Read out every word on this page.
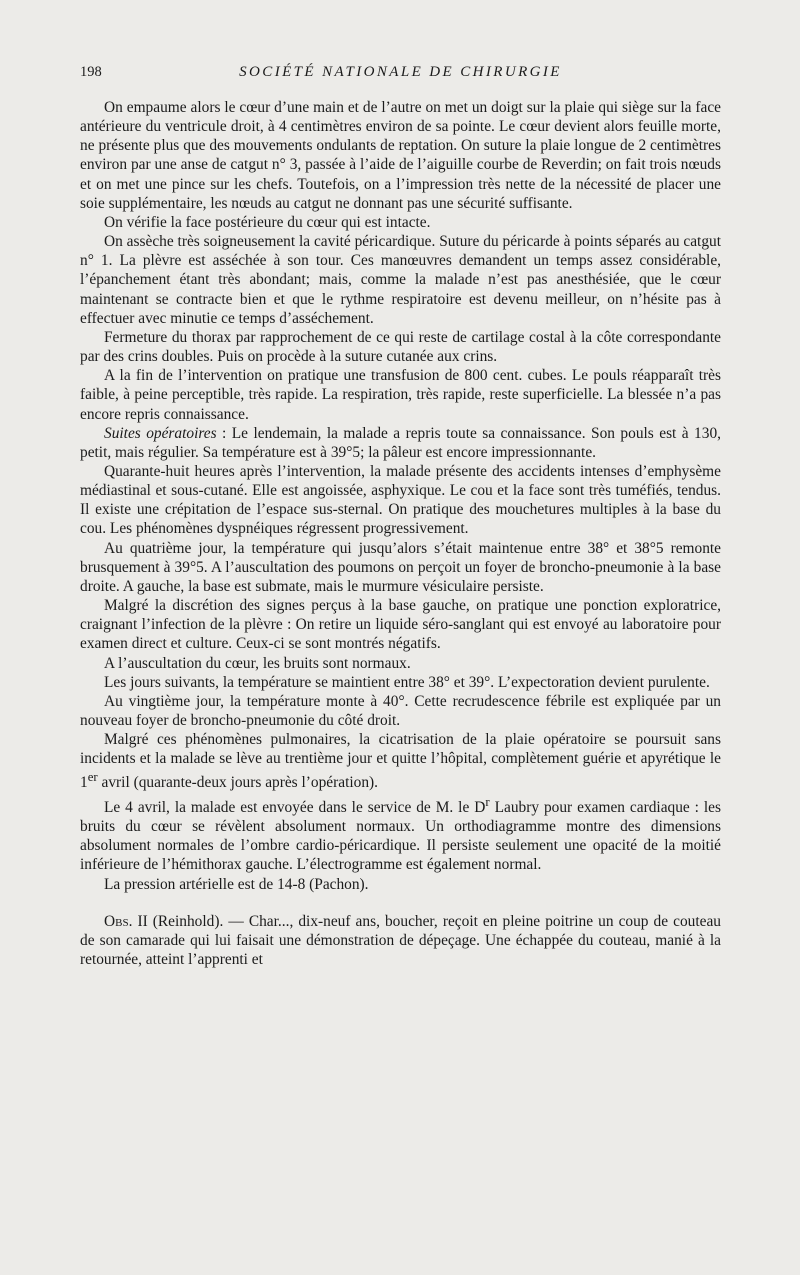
198	SOCIÉTÉ NATIONALE DE CHIRURGIE

On empaume alors le cœur d’une main et de l’autre on met un doigt sur la plaie qui siège sur la face antérieure du ventricule droit, à 4 centimètres environ de sa pointe. Le cœur devient alors feuille morte, ne présente plus que des mouvements ondulants de reptation. On suture la plaie longue de 2 centimètres environ par une anse de catgut n° 3, passée à l’aide de l’aiguille courbe de Reverdin; on fait trois nœuds et on met une pince sur les chefs. Toutefois, on a l’impression très nette de la nécessité de placer une soie supplémentaire, les nœuds au catgut ne donnant pas une sécurité suffisante.

On vérifie la face postérieure du cœur qui est intacte.

On assèche très soigneusement la cavité péricardique. Suture du péricarde à points séparés au catgut n° 1. La plèvre est asséchée à son tour. Ces manœuvres demandent un temps assez considérable, l’épanchement étant très abondant; mais, comme la malade n’est pas anesthésiée, que le cœur maintenant se contracte bien et que le rythme respiratoire est devenu meilleur, on n’hésite pas à effectuer avec minutie ce temps d’asséchement.

Fermeture du thorax par rapprochement de ce qui reste de cartilage costal à la côte correspondante par des crins doubles. Puis on procède à la suture cutanée aux crins.

A la fin de l’intervention on pratique une transfusion de 800 cent. cubes. Le pouls réapparaît très faible, à peine perceptible, très rapide. La respiration, très rapide, reste superficielle. La blessée n’a pas encore repris connaissance.

Suites opératoires : Le lendemain, la malade a repris toute sa connaissance. Son pouls est à 130, petit, mais régulier. Sa température est à 39°5; la pâleur est encore impressionnante.

Quarante-huit heures après l’intervention, la malade présente des accidents intenses d’emphysème médiastinal et sous-cutané. Elle est angoissée, asphyxique. Le cou et la face sont très tuméfiés, tendus. Il existe une crépitation de l’espace sus-sternal. On pratique des mouchetures multiples à la base du cou. Les phénomènes dyspnéiques régressent progressivement.

Au quatrième jour, la température qui jusqu’alors s’était maintenue entre 38° et 38°5 remonte brusquement à 39°5. A l’auscultation des poumons on perçoit un foyer de broncho-pneumonie à la base droite. A gauche, la base est submate, mais le murmure vésiculaire persiste.

Malgré la discrétion des signes perçus à la base gauche, on pratique une ponction exploratrice, craignant l’infection de la plèvre : On retire un liquide séro-sanglant qui est envoyé au laboratoire pour examen direct et culture. Ceux-ci se sont montrés négatifs.

A l’auscultation du cœur, les bruits sont normaux.

Les jours suivants, la température se maintient entre 38° et 39°. L’expectoration devient purulente.

Au vingtième jour, la température monte à 40°. Cette recrudescence fébrile est expliquée par un nouveau foyer de broncho-pneumonie du côté droit.

Malgré ces phénomènes pulmonaires, la cicatrisation de la plaie opératoire se poursuit sans incidents et la malade se lève au trentième jour et quitte l’hôpital, complètement guérie et apyrétique le 1er avril (quarante-deux jours après l’opération).

Le 4 avril, la malade est envoyée dans le service de M. le $D^r$ Laubry pour examen cardiaque : les bruits du cœur se révèlent absolument normaux. Un orthodiagramme montre des dimensions absolument normales de l’ombre cardio-péricardique. Il persiste seulement une opacité de la moitié inférieure de l’hémithorax gauche. L’électrogramme est également normal.

La pression artérielle est de 14-8 (Pachon).

Obs. II (Reinhold). — Char..., dix-neuf ans, boucher, reçoit en pleine poitrine un coup de couteau de son camarade qui lui faisait une démonstration de dépeçage. Une échappée du couteau, manié à la retournée, atteint l’apprenti et
